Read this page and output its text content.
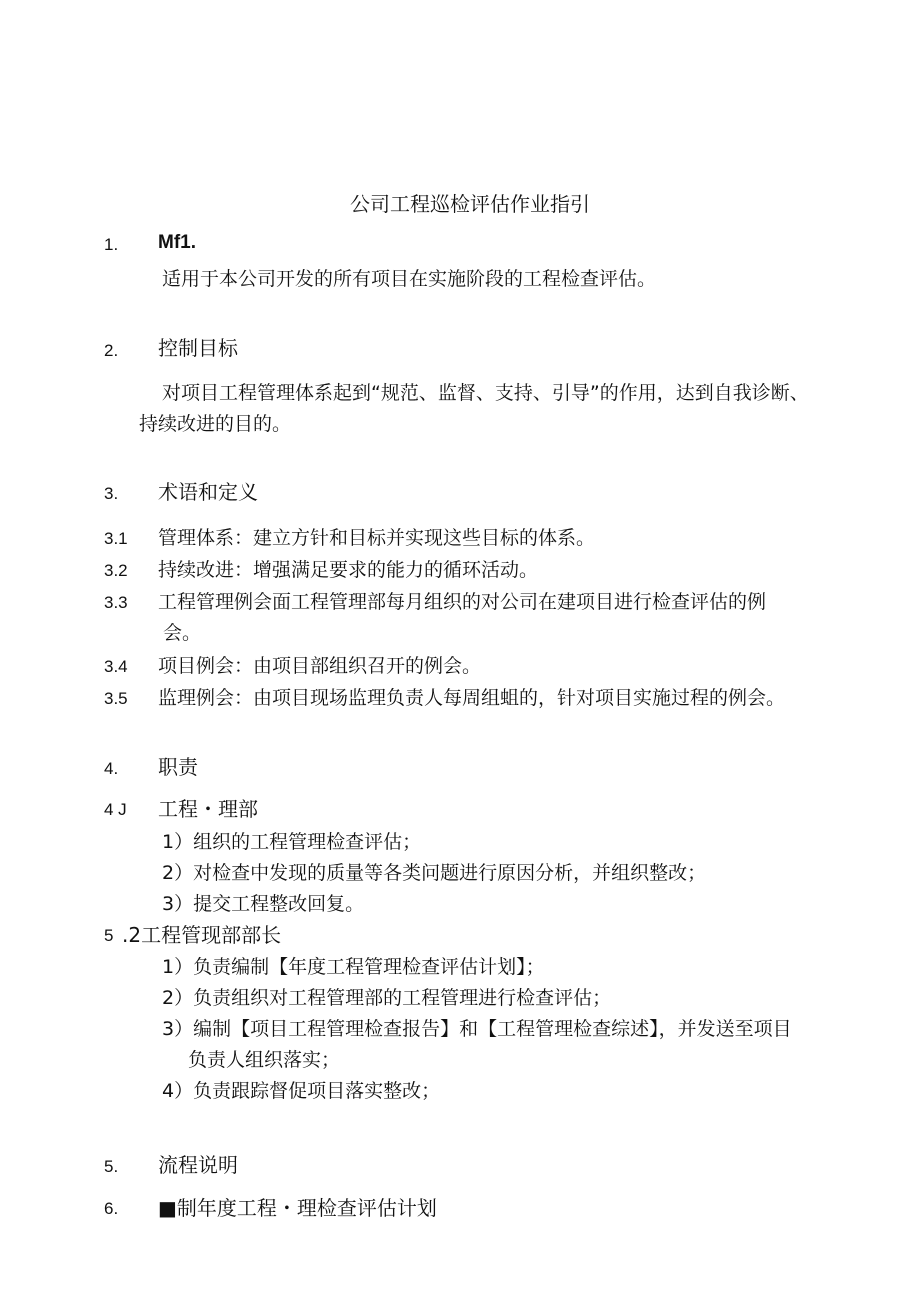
公司工程巡检评估作业指引
1. Mf1.
适用于本公司开发的所有项目在实施阶段的工程检查评估。
2. 控制目标
对项目工程管理体系起到“规范、监督、支持、引导”的作用，达到自我诊断、
持续改进的目的。
3. 术语和定义
3.1 管理体系：建立方针和目标并实现这些目标的体系。
3.2 持续改进：增强满足要求的能力的循环活动。
3.3 工程管理例会面工程管理部每月组织的对公司在建项目进行检查评估的例
会。
3.4 项目例会：由项目部组织召开的例会。
3.5 监理例会：由项目现场监理负责人每周组蛆的，针对项目实施过程的例会。
4. 职责
4 J 工程・理部
1）组织的工程管理检查评估；
2）对检查中发现的质量等各类问题进行原因分析，并组织整改；
3）提交工程整改回复。
5 .2工程管现部部长
1）负责编制【年度工程管理检查评估计划】；
2）负责组织对工程管理部的工程管理进行检查评估；
3）编制【项目工程管理检查报告】和【工程管理检查综述】，并发送至项目
负责人组织落实；
4）负责跟踪督促项目落实整改；
5. 流程说明
6. ■制年度工程・理检查评估计划
